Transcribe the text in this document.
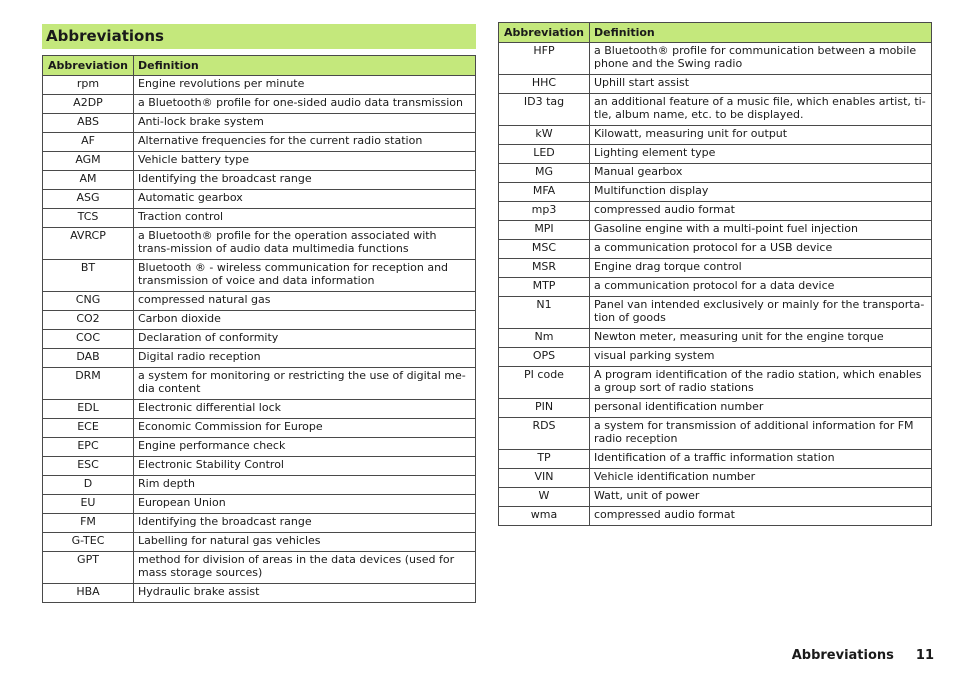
Abbreviations
Abbreviation	Definition
rpm	Engine revolutions per minute
A2DP	a Bluetooth® profile for one-sided audio data transmission
ABS	Anti-lock brake system
AF	Alternative frequencies for the current radio station
AGM	Vehicle battery type
AM	Identifying the broadcast range
ASG	Automatic gearbox
TCS	Traction control
AVRCP	a Bluetooth® profile for the operation associated with trans-mission of audio data multimedia functions
BT	Bluetooth ® - wireless communication for reception and transmission of voice and data information
CNG	compressed natural gas
CO2	Carbon dioxide
COC	Declaration of conformity
DAB	Digital radio reception
DRM	a system for monitoring or restricting the use of digital me-dia content
EDL	Electronic differential lock
ECE	Economic Commission for Europe
EPC	Engine performance check
ESC	Electronic Stability Control
D	Rim depth
EU	European Union
FM	Identifying the broadcast range
G-TEC	Labelling for natural gas vehicles
GPT	method for division of areas in the data devices (used for mass storage sources)
HBA	Hydraulic brake assist
Abbreviation	Definition
HFP	a Bluetooth® profile for communication between a mobile phone and the Swing radio
HHC	Uphill start assist
ID3 tag	an additional feature of a music file, which enables artist, ti-tle, album name, etc. to be displayed.
kW	Kilowatt, measuring unit for output
LED	Lighting element type
MG	Manual gearbox
MFA	Multifunction display
mp3	compressed audio format
MPI	Gasoline engine with a multi-point fuel injection
MSC	a communication protocol for a USB device
MSR	Engine drag torque control
MTP	a communication protocol for a data device
N1	Panel van intended exclusively or mainly for the transporta-tion of goods
Nm	Newton meter, measuring unit for the engine torque
OPS	visual parking system
PI code	A program identification of the radio station, which enables a group sort of radio stations
PIN	personal identification number
RDS	a system for transmission of additional information for FM radio reception
TP	Identification of a traffic information station
VIN	Vehicle identification number
W	Watt, unit of power
wma	compressed audio format
Abbreviations 11
